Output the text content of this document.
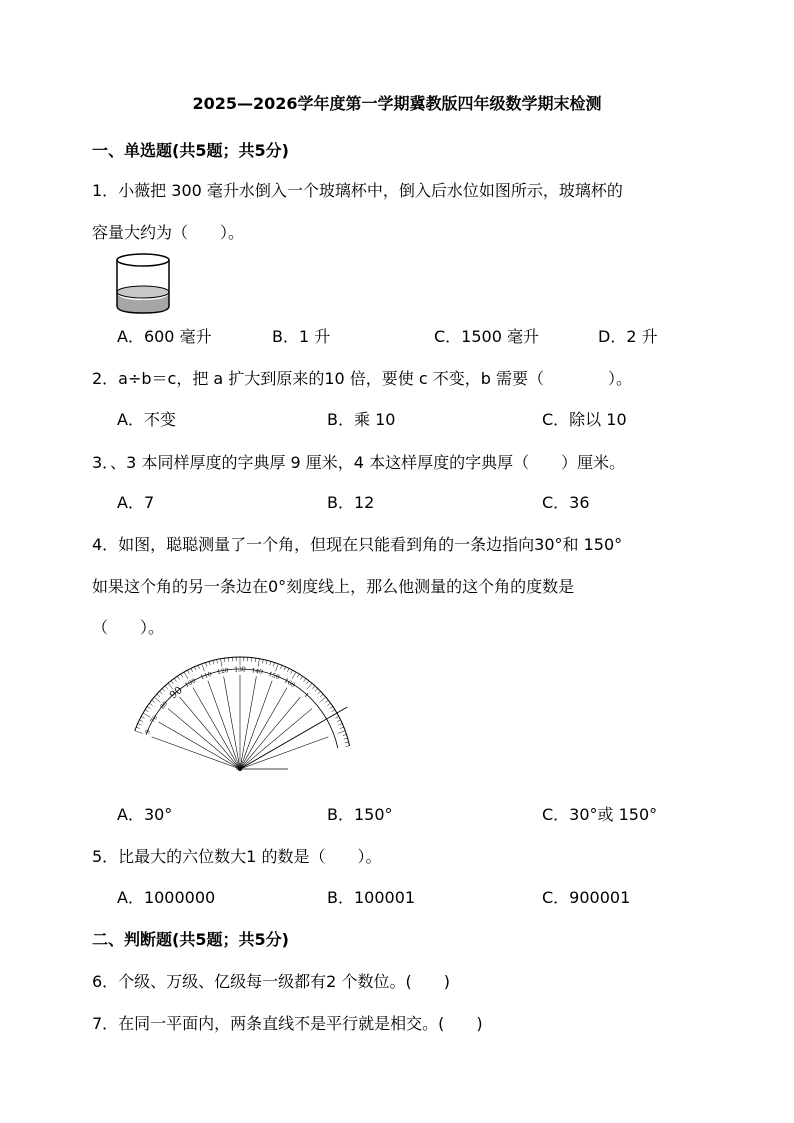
2025—2026学年度第一学期冀教版四年级数学期末检测
一、单选题(共5题；共5分)
1．小薇把 300 毫升水倒入一个玻璃杯中，倒入后水位如图所示，玻璃杯的
容量大约为（　　）。
A．600 毫升	B．1 升	C．1500 毫升	D．2 升
2．a÷b＝c，把 a 扩大到原来的10 倍，要使 c 不变，b 需要（　　　　）。
A．不变	B．乘 10	C．除以 10
3．、3 本同样厚度的字典厚 9 厘米，4 本这样厚度的字典厚（　　）厘米。
A．7	B．12	C．36
4．如图，聪聪测量了一个角，但现在只能看到角的一条边指向30°和 150°
如果这个角的另一条边在0°刻度线上，那么他测量的这个角的度数是
（　　）。
9
70
80
90
100
110 120 130 140 150
160
1
A．30°	B．150°	C．30°或 150°
5．比最大的六位数大1 的数是（　　）。
A．1000000	B．100001	C．900001
二、判断题(共5题；共5分)
6．个级、万级、亿级每一级都有2 个数位。(　　)
7．在同一平面内，两条直线不是平行就是相交。(　　)
